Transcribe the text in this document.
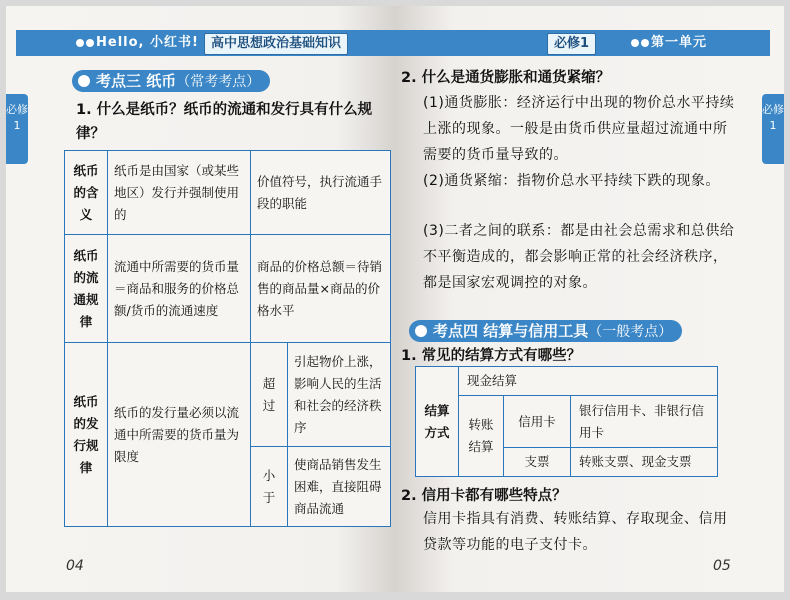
Hello, 小红书! 高中思想政治基础知识
必修1
考点三 纸币（常考考点）
1. 什么是纸币？纸币的流通和发行具有什么规律？
纸币的含义	纸币是由国家（或某些地区）发行并强制使用的	价值符号，执行流通手段的职能	
纸币的流通规律	流通中所需要的货币量＝商品和服务的价格总额/货币的流通速度	商品的价格总额＝待销售的商品量×商品的价格水平	
纸币的发行规律	纸币的发行量必须以流通中所需要的货币量为限度	超过	引起物价上涨，影响人民的生活和社会的经济秩序
		小于	使商品销售发生困难，直接阻碍商品流通
04
必修1	第一单元
必修1
2. 什么是通货膨胀和通货紧缩？
(1)通货膨胀：经济运行中出现的物价总水平持续上涨的现象。一般是由货币供应量超过流通中所需要的货币量导致的。
(2)通货紧缩：指物价总水平持续下跌的现象。
(3)二者之间的联系：都是由社会总需求和总供给不平衡造成的，都会影响正常的社会经济秩序，都是国家宏观调控的对象。
考点四 结算与信用工具（一般考点）
1. 常见的结算方式有哪些？
结算方式	现金结算		
	转账结算	信用卡	银行信用卡、非银行信用卡
		支票	转账支票、现金支票
2. 信用卡都有哪些特点？
信用卡指具有消费、转账结算、存取现金、信用贷款等功能的电子支付卡。
05
